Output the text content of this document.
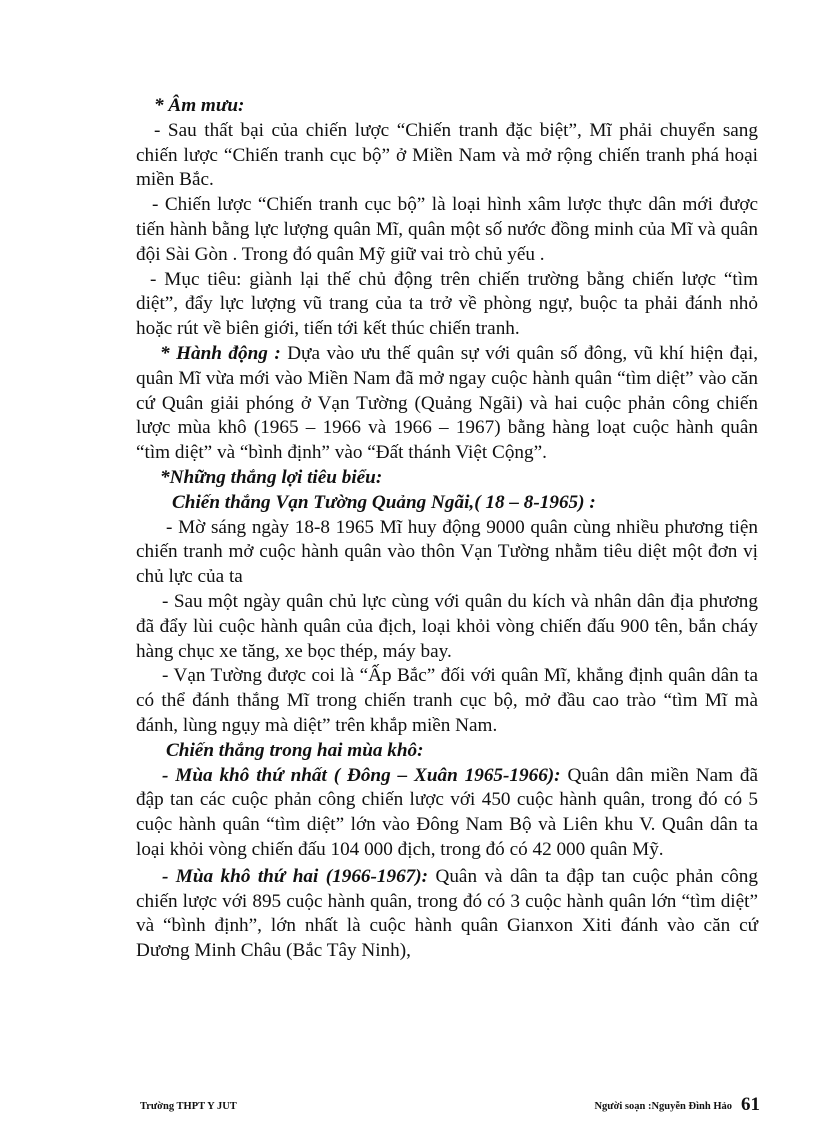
* Âm mưu:

- Sau thất bại của chiến lược “Chiến tranh đặc biệt”, Mĩ phải chuyển sang chiến lược “Chiến tranh cục bộ” ở Miền Nam và mở rộng chiến tranh phá hoại miền Bắc.

- Chiến lược “Chiến tranh cục bộ” là loại hình xâm lược thực dân mới được tiến hành bằng lực lượng quân Mĩ, quân một số nước đồng minh của Mĩ và quân đội Sài Gòn . Trong đó quân Mỹ giữ vai trò chủ yếu .

- Mục tiêu: giành lại thế chủ động trên chiến trường bằng chiến lược “tìm diệt”, đẩy lực lượng vũ trang của ta trở về phòng ngự, buộc ta phải đánh nhỏ hoặc rút về biên giới, tiến tới kết thúc chiến tranh.

* Hành động : Dựa vào ưu thế quân sự với quân số đông, vũ khí hiện đại, quân Mĩ vừa mới vào Miền Nam đã mở ngay cuộc hành quân “tìm diệt” vào căn cứ Quân giải phóng ở Vạn Tường (Quảng Ngãi) và hai cuộc phản công chiến lược mùa khô (1965 – 1966 và 1966 – 1967) bằng hàng loạt cuộc hành quân “tìm diệt” và “bình định” vào “Đất thánh Việt Cộng”.

*Những thắng lợi tiêu biểu:

Chiến thắng Vạn Tường Quảng Ngãi,( 18 – 8-1965) :

- Mờ sáng ngày 18-8 1965 Mĩ huy động 9000 quân cùng nhiều phương tiện chiến tranh mở cuộc hành quân vào thôn Vạn Tường nhằm tiêu diệt một đơn vị chủ lực của ta

- Sau một ngày quân chủ lực cùng với quân du kích và nhân dân địa phương đã đẩy lùi cuộc hành quân của địch, loại khỏi vòng chiến đấu 900 tên, bắn cháy hàng chục xe tăng, xe bọc thép, máy bay.

- Vạn Tường được coi là “Ấp Bắc” đối với quân Mĩ, khẳng định quân dân ta có thể đánh thắng Mĩ trong chiến tranh cục bộ, mở đầu cao trào “tìm Mĩ mà đánh, lùng ngụy mà diệt” trên khắp miền Nam.

Chiến thắng trong hai mùa khô:

- Mùa khô thứ nhất ( Đông – Xuân 1965-1966): Quân dân miền Nam đã đập tan các cuộc phản công chiến lược với 450 cuộc hành quân, trong đó có 5 cuộc hành quân “tìm diệt” lớn vào Đông Nam Bộ và Liên khu V. Quân dân ta loại khỏi vòng chiến đấu 104 000 địch, trong đó có 42 000 quân Mỹ.

- Mùa khô thứ hai (1966-1967): Quân và dân ta đập tan cuộc phản công chiến lược với 895 cuộc hành quân, trong đó có 3 cuộc hành quân lớn “tìm diệt” và “bình định”, lớn nhất là cuộc hành quân Gianxon Xiti đánh vào căn cứ Dương Minh Châu (Bắc Tây Ninh),

Trường THPT Y JUT	Người soạn :Nguyễn Đình Hảo 61
